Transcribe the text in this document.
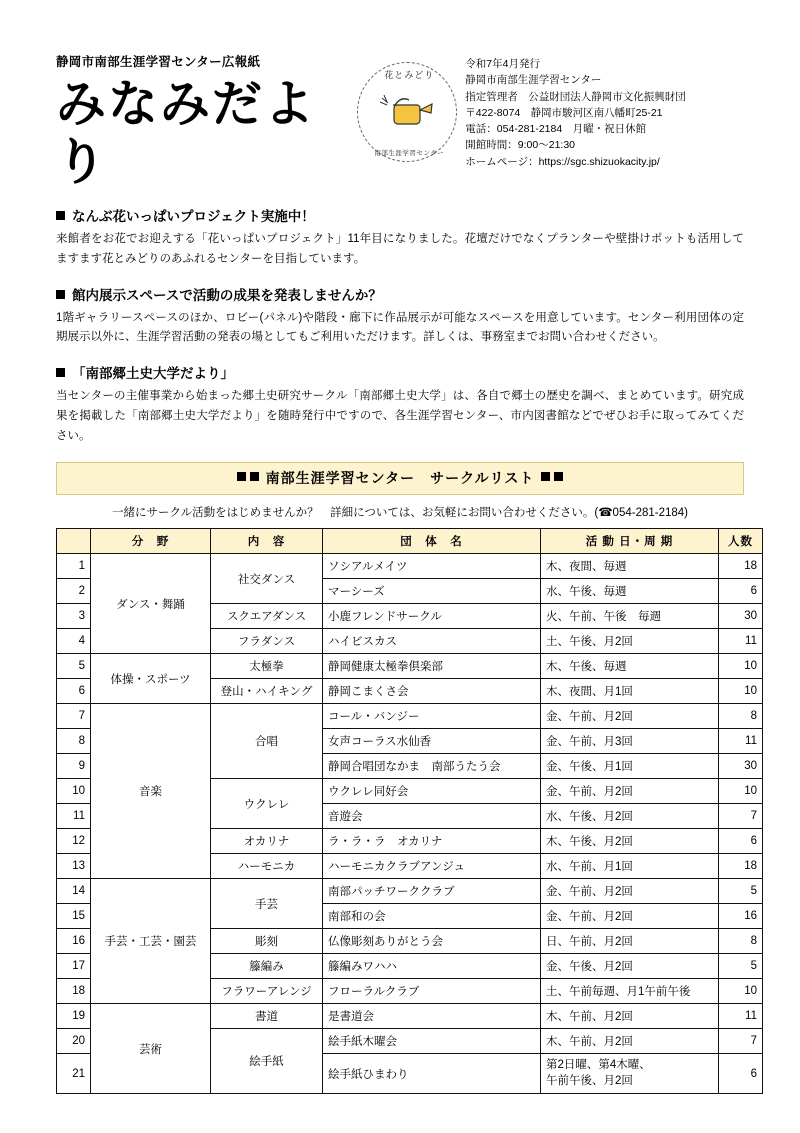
静岡市南部生涯学習センター広報紙
みなみだより
花とみどり
南部生涯学習センター
令和7年4月発行
静岡市南部生涯学習センター
指定管理者　公益財団法人静岡市文化振興財団
〒422-8074　静岡市駿河区南八幡町25-21
電話：054-281-2184　月曜・祝日休館
開館時間：9:00～21:30
ホームページ：https://sgc.shizuokacity.jp/
なんぶ花いっぱいプロジェクト実施中！
来館者をお花でお迎えする「花いっぱいプロジェクト」11年目になりました。花壇だけでなくプランターや壁掛けポットも活用してますます花とみどりのあふれるセンターを目指しています。
館内展示スペースで活動の成果を発表しませんか？
1階ギャラリースペースのほか、ロビー(パネル)や階段・廊下に作品展示が可能なスペースを用意しています。センター利用団体の定期展示以外に、生涯学習活動の発表の場としてもご利用いただけます。詳しくは、事務室までお問い合わせください。
「南部郷土史大学だより」
当センターの主催事業から始まった郷土史研究サークル「南部郷土史大学」は、各自で郷土の歴史を調べ、まとめています。研究成果を掲載した「南部郷土史大学だより」を随時発行中ですので、各生涯学習センター、市内図書館などでぜひお手に取ってみてください。
南部生涯学習センター　サークルリスト
一緒にサークル活動をはじめませんか？　詳細については、お気軽にお問い合わせください。(☎054-281-2184)
	分　野	内　容	団　体　名	活 動 日・周 期	人数
1	ダンス・舞踊	社交ダンス	ソシアルメイツ	木、夜間、毎週	18
2			マーシーズ	水、午後、毎週	6
3		スクエアダンス	小鹿フレンドサークル	火、午前、午後　毎週	30
4		フラダンス	ハイビスカス	土、午後、月2回	11
5	体操・スポーツ	太極拳	静岡健康太極拳倶楽部	木、午後、毎週	10
6		登山・ハイキング	静岡こまくさ会	木、夜間、月1回	10
7	音楽	合唱	コール・バンジー	金、午前、月2回	8
8			女声コーラス水仙香	金、午前、月3回	11
9			静岡合唱団なかま　南部うたう会	金、午後、月1回	30
10		ウクレレ	ウクレレ同好会	金、午前、月2回	10
11			音遊会	水、午後、月2回	7
12		オカリナ	ラ・ラ・ラ　オカリナ	木、午後、月2回	6
13		ハーモニカ	ハーモニカクラブアンジュ	水、午前、月1回	18
14	手芸・工芸・園芸	手芸	南部パッチワーククラブ	金、午前、月2回	5
15			南部和の会	金、午前、月2回	16
16		彫刻	仏像彫刻ありがとう会	日、午前、月2回	8
17		籐編み	籐編みワハハ	金、午後、月2回	5
18		フラワーアレンジ	フローラルクラブ	土、午前毎週、月1午前午後	10
19	芸術	書道	是書道会	木、午前、月2回	11
20		絵手紙	絵手紙木曜会	木、午前、月2回	7
21			絵手紙ひまわり	第2日曜、第4木曜、
午前午後、月2回	6
